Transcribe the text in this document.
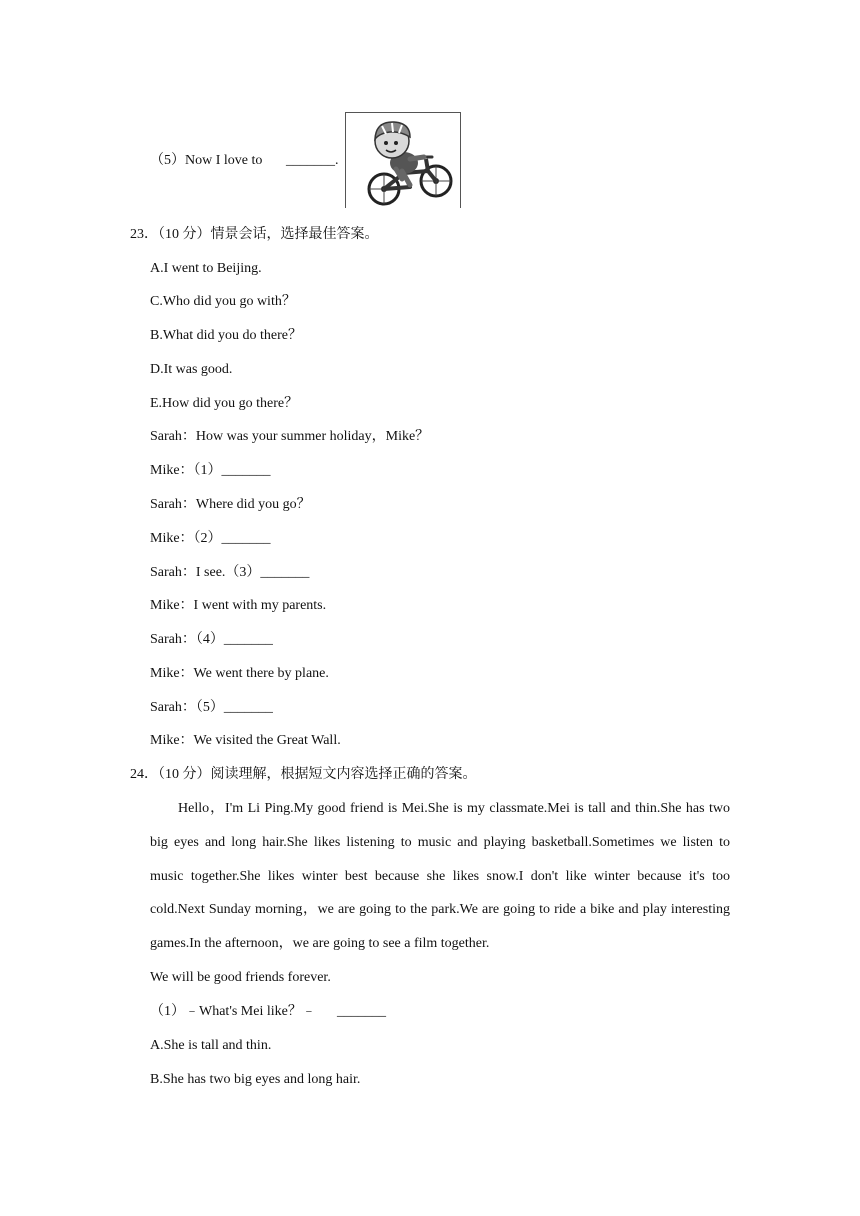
（5）Now I love to _______.
23．（10 分）情景会话，选择最佳答案。
A.I went to Beijing.
C.Who did you go with？
B.What did you do there？
D.It was good.
E.How did you go there？
Sarah：How was your summer holiday，Mike？
Mike：（1）_______
Sarah：Where did you go？
Mike：（2）_______
Sarah：I see.（3）_______
Mike：I went with my parents.
Sarah：（4）_______
Mike：We went there by plane.
Sarah：（5）_______
Mike：We visited the Great Wall.
24．（10 分）阅读理解，根据短文内容选择正确的答案。
Hello，I'm Li Ping.My good friend is Mei.She is my classmate.Mei is tall and thin.She has two big eyes and long hair.She likes listening to music and playing basketball.Sometimes we listen to music together.She likes winter best because she likes snow.I don't like winter because it's too cold.Next Sunday morning，we are going to the park.We are going to ride a bike and play interesting games.In the afternoon，we are going to see a film together.
We will be good friends forever.
（1）﹣What's Mei like？﹣ _______
A.She is tall and thin.
B.She has two big eyes and long hair.
